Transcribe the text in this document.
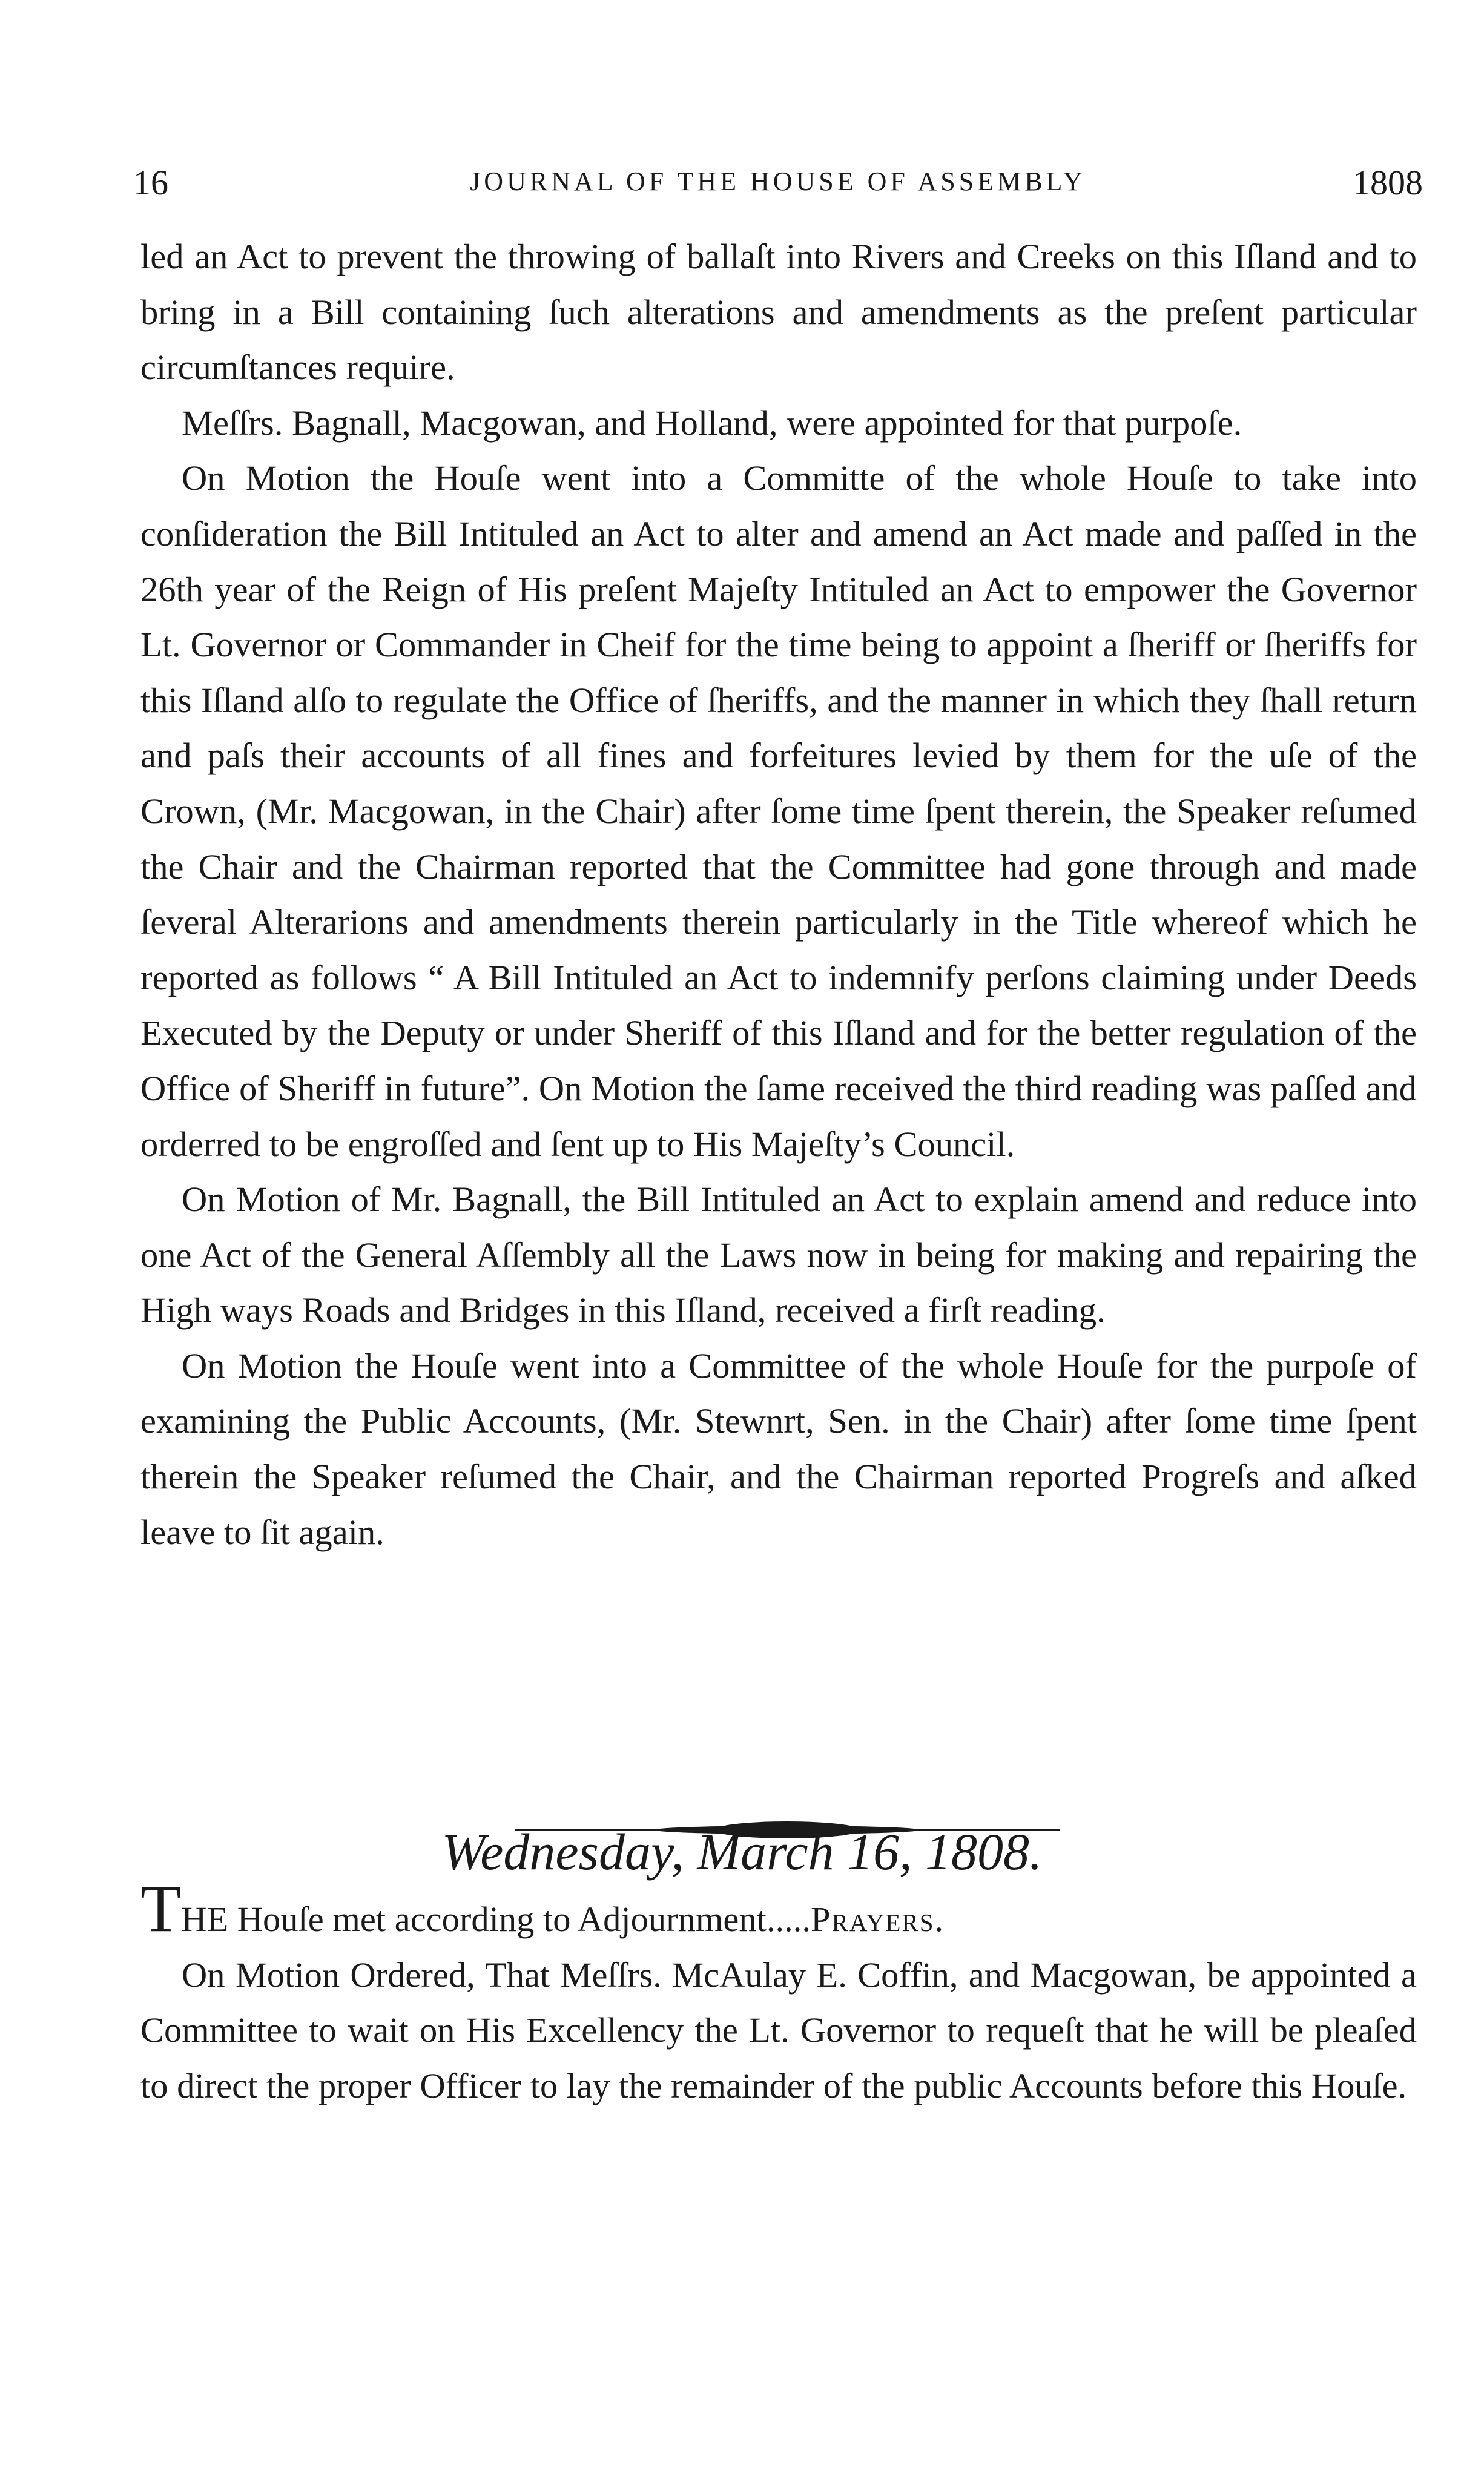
16	JOURNAL OF THE HOUSE OF ASSEMBLY	1808

led an Act to prevent the throwing of ballaſt into Rivers and Creeks on this Iſland and to bring in a Bill containing ſuch alterations and amendments as the preſent particular circumſtances require.

Meſſrs. Bagnall, Macgowan, and Holland, were appointed for that purpoſe.

On Motion the Houſe went into a Committe of the whole Houſe to take into conſideration the Bill Intituled an Act to alter and amend an Act made and paſſed in the 26th year of the Reign of His preſent Majeſty Intituled an Act to empower the Governor Lt. Governor or Commander in Cheif for the time being to appoint a ſheriff or ſheriffs for this Iſland alſo to regulate the Office of ſheriffs, and the manner in which they ſhall return and paſs their accounts of all fines and forfeitures levied by them for the uſe of the Crown, (Mr. Macgowan, in the Chair) after ſome time ſpent therein, the Speaker reſumed the Chair and the Chairman reported that the Committee had gone through and made ſeveral Alterarions and amendments therein particularly in the Title whereof which he reported as follows “ A Bill Intituled an Act to indemnify perſons claiming under Deeds Executed by the Deputy or under Sheriff of this Iſland and for the better regulation of the Office of Sheriff in future”. On Motion the ſame received the third reading was paſſed and orderred to be engroſſed and ſent up to His Majeſty’s Council.

On Motion of Mr. Bagnall, the Bill Intituled an Act to explain amend and reduce into one Act of the General Aſſembly all the Laws now in being for making and repairing the High ways Roads and Bridges in this Iſland, received a firſt reading.

On Motion the Houſe went into a Committee of the whole Houſe for the purpoſe of examining the Public Accounts, (Mr. Stewnrt, Sen. in the Chair) after ſome time ſpent therein the Speaker reſumed the Chair, and the Chairman reported Progreſs and aſked leave to ſit again.

Wednesday, March 16, 1808.

THE Houſe met according to Adjournment.....Prayers.

On Motion Ordered, That Meſſrs. McAulay E. Coffin, and Macgowan, be appointed a Committee to wait on His Excellency the Lt. Governor to requeſt that he will be pleaſed to direct the proper Officer to lay the remainder of the public Accounts before this Houſe.
